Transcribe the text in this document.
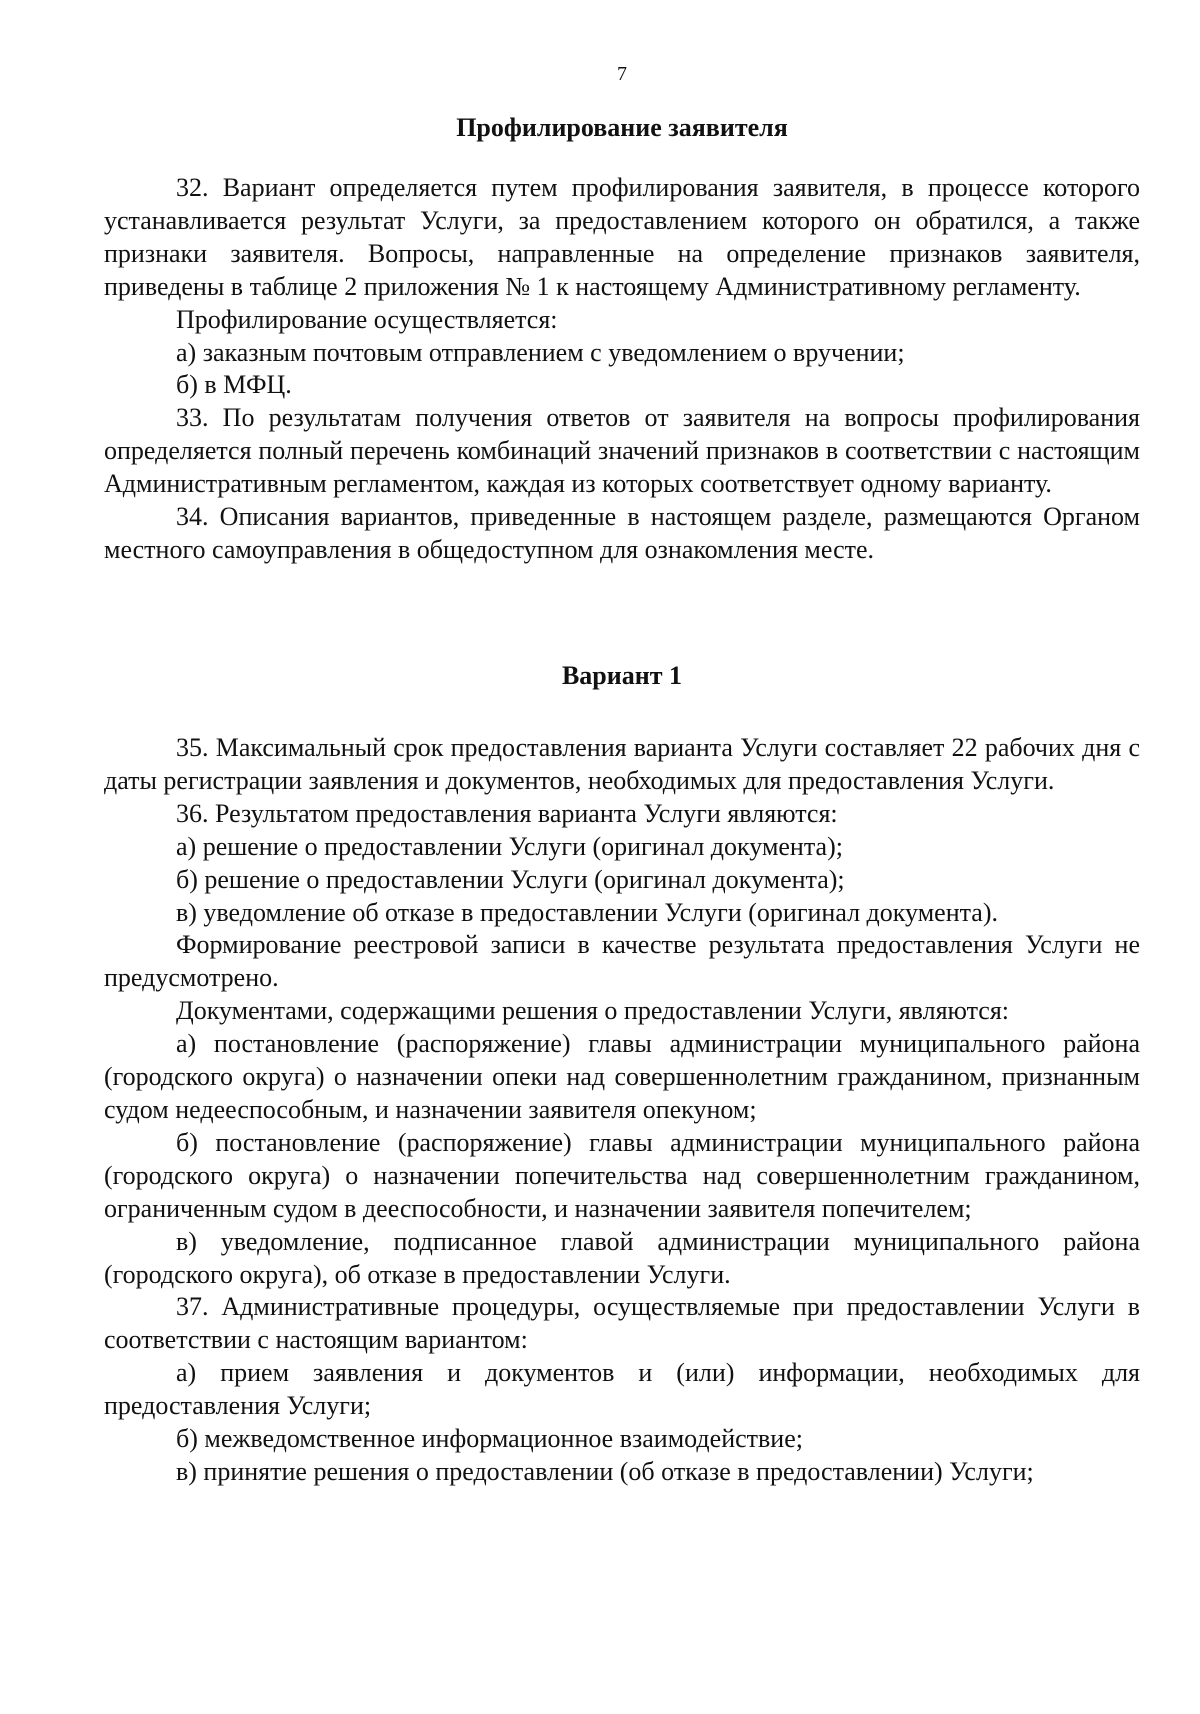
7
Профилирование заявителя

32. Вариант определяется путем профилирования заявителя, в процессе которого устанавливается результат Услуги, за предоставлением которого он обратился, а также признаки заявителя. Вопросы, направленные на определение признаков заявителя, приведены в таблице 2 приложения № 1 к настоящему Административному регламенту.

Профилирование осуществляется:

а) заказным почтовым отправлением с уведомлением о вручении;

б) в МФЦ.

33. По результатам получения ответов от заявителя на вопросы профилирования определяется полный перечень комбинаций значений признаков в соответствии с настоящим Административным регламентом, каждая из которых соответствует одному варианту.

34. Описания вариантов, приведенные в настоящем разделе, размещаются Органом местного самоуправления в общедоступном для ознакомления месте.

Вариант 1

35. Максимальный срок предоставления варианта Услуги составляет 22 рабочих дня с даты регистрации заявления и документов, необходимых для предоставления Услуги.

36. Результатом предоставления варианта Услуги являются:

а) решение о предоставлении Услуги (оригинал документа);

б) решение о предоставлении Услуги (оригинал документа);

в) уведомление об отказе в предоставлении Услуги (оригинал документа).

Формирование реестровой записи в качестве результата предоставления Услуги не предусмотрено.

Документами, содержащими решения о предоставлении Услуги, являются:

а) постановление (распоряжение) главы администрации муниципального района (городского округа) о назначении опеки над совершеннолетним гражданином, признанным судом недееспособным, и назначении заявителя опекуном;

б) постановление (распоряжение) главы администрации муниципального района (городского округа) о назначении попечительства над совершеннолетним гражданином, ограниченным судом в дееспособности, и назначении заявителя попечителем;

в) уведомление, подписанное главой администрации муниципального района (городского округа), об отказе в предоставлении Услуги.

37. Административные процедуры, осуществляемые при предоставлении Услуги в соответствии с настоящим вариантом:

а) прием заявления и документов и (или) информации, необходимых для предоставления Услуги;

б) межведомственное информационное взаимодействие;

в) принятие решения о предоставлении (об отказе в предоставлении) Услуги;
